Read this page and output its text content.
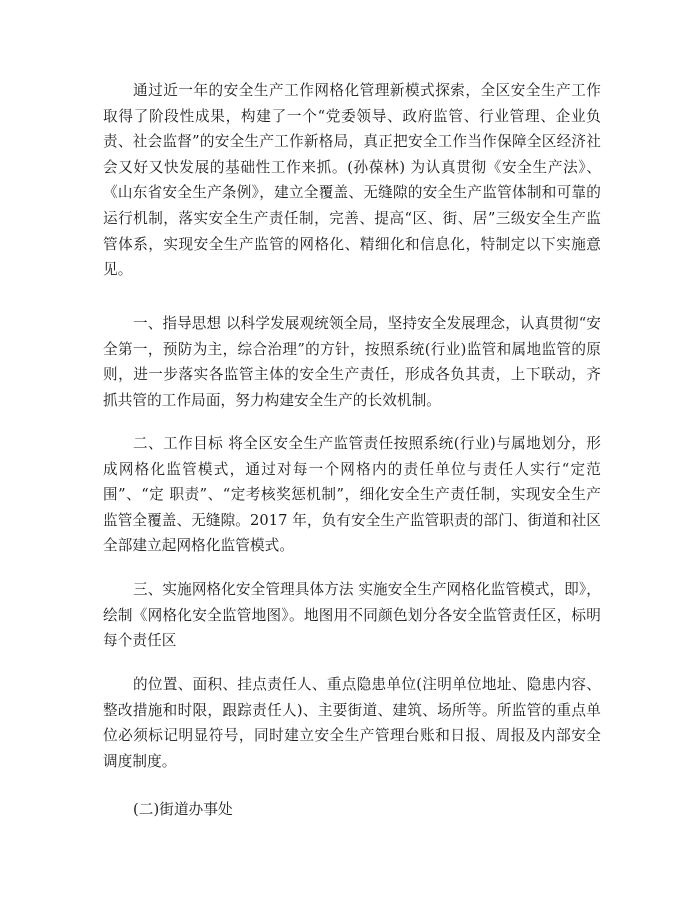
通过近一年的安全生产工作网格化管理新模式探索，全区安全生产工作取得了阶段性成果，构建了一个“党委领导、政府监管、行业管理、企业负责、社会监督”的安全生产工作新格局，真正把安全工作当作保障全区经济社会又好又快发展的基础性工作来抓。(孙葆林) 为认真贯彻《安全生产法》、《山东省安全生产条例》，建立全覆盖、无缝隙的安全生产监管体制和可靠的运行机制，落实安全生产责任制，完善、提高“区、街、居”三级安全生产监管体系，实现安全生产监管的网格化、精细化和信息化，特制定以下实施意见。

一、指导思想 以科学发展观统领全局，坚持安全发展理念，认真贯彻“安全第一，预防为主，综合治理”的方针，按照系统(行业)监管和属地监管的原则，进一步落实各监管主体的安全生产责任，形成各负其责，上下联动，齐抓共管的工作局面，努力构建安全生产的长效机制。

二、工作目标 将全区安全生产监管责任按照系统(行业)与属地划分，形成网格化监管模式，通过对每一个网格内的责任单位与责任人实行“定范围”、“定 职责”、“定考核奖惩机制”，细化安全生产责任制，实现安全生产监管全覆盖、无缝隙。2017 年，负有安全生产监管职责的部门、街道和社区全部建立起网格化监管模式。

三、实施网格化安全管理具体方法 实施安全生产网格化监管模式，即》，绘制《网格化安全监管地图》。地图用不同颜色划分各安全监管责任区，标明每个责任区

的位置、面积、挂点责任人、重点隐患单位(注明单位地址、隐患内容、整改措施和时限，跟踪责任人)、主要街道、建筑、场所等。所监管的重点单位必须标记明显符号，同时建立安全生产管理台账和日报、周报及内部安全调度制度。

(二)街道办事处
